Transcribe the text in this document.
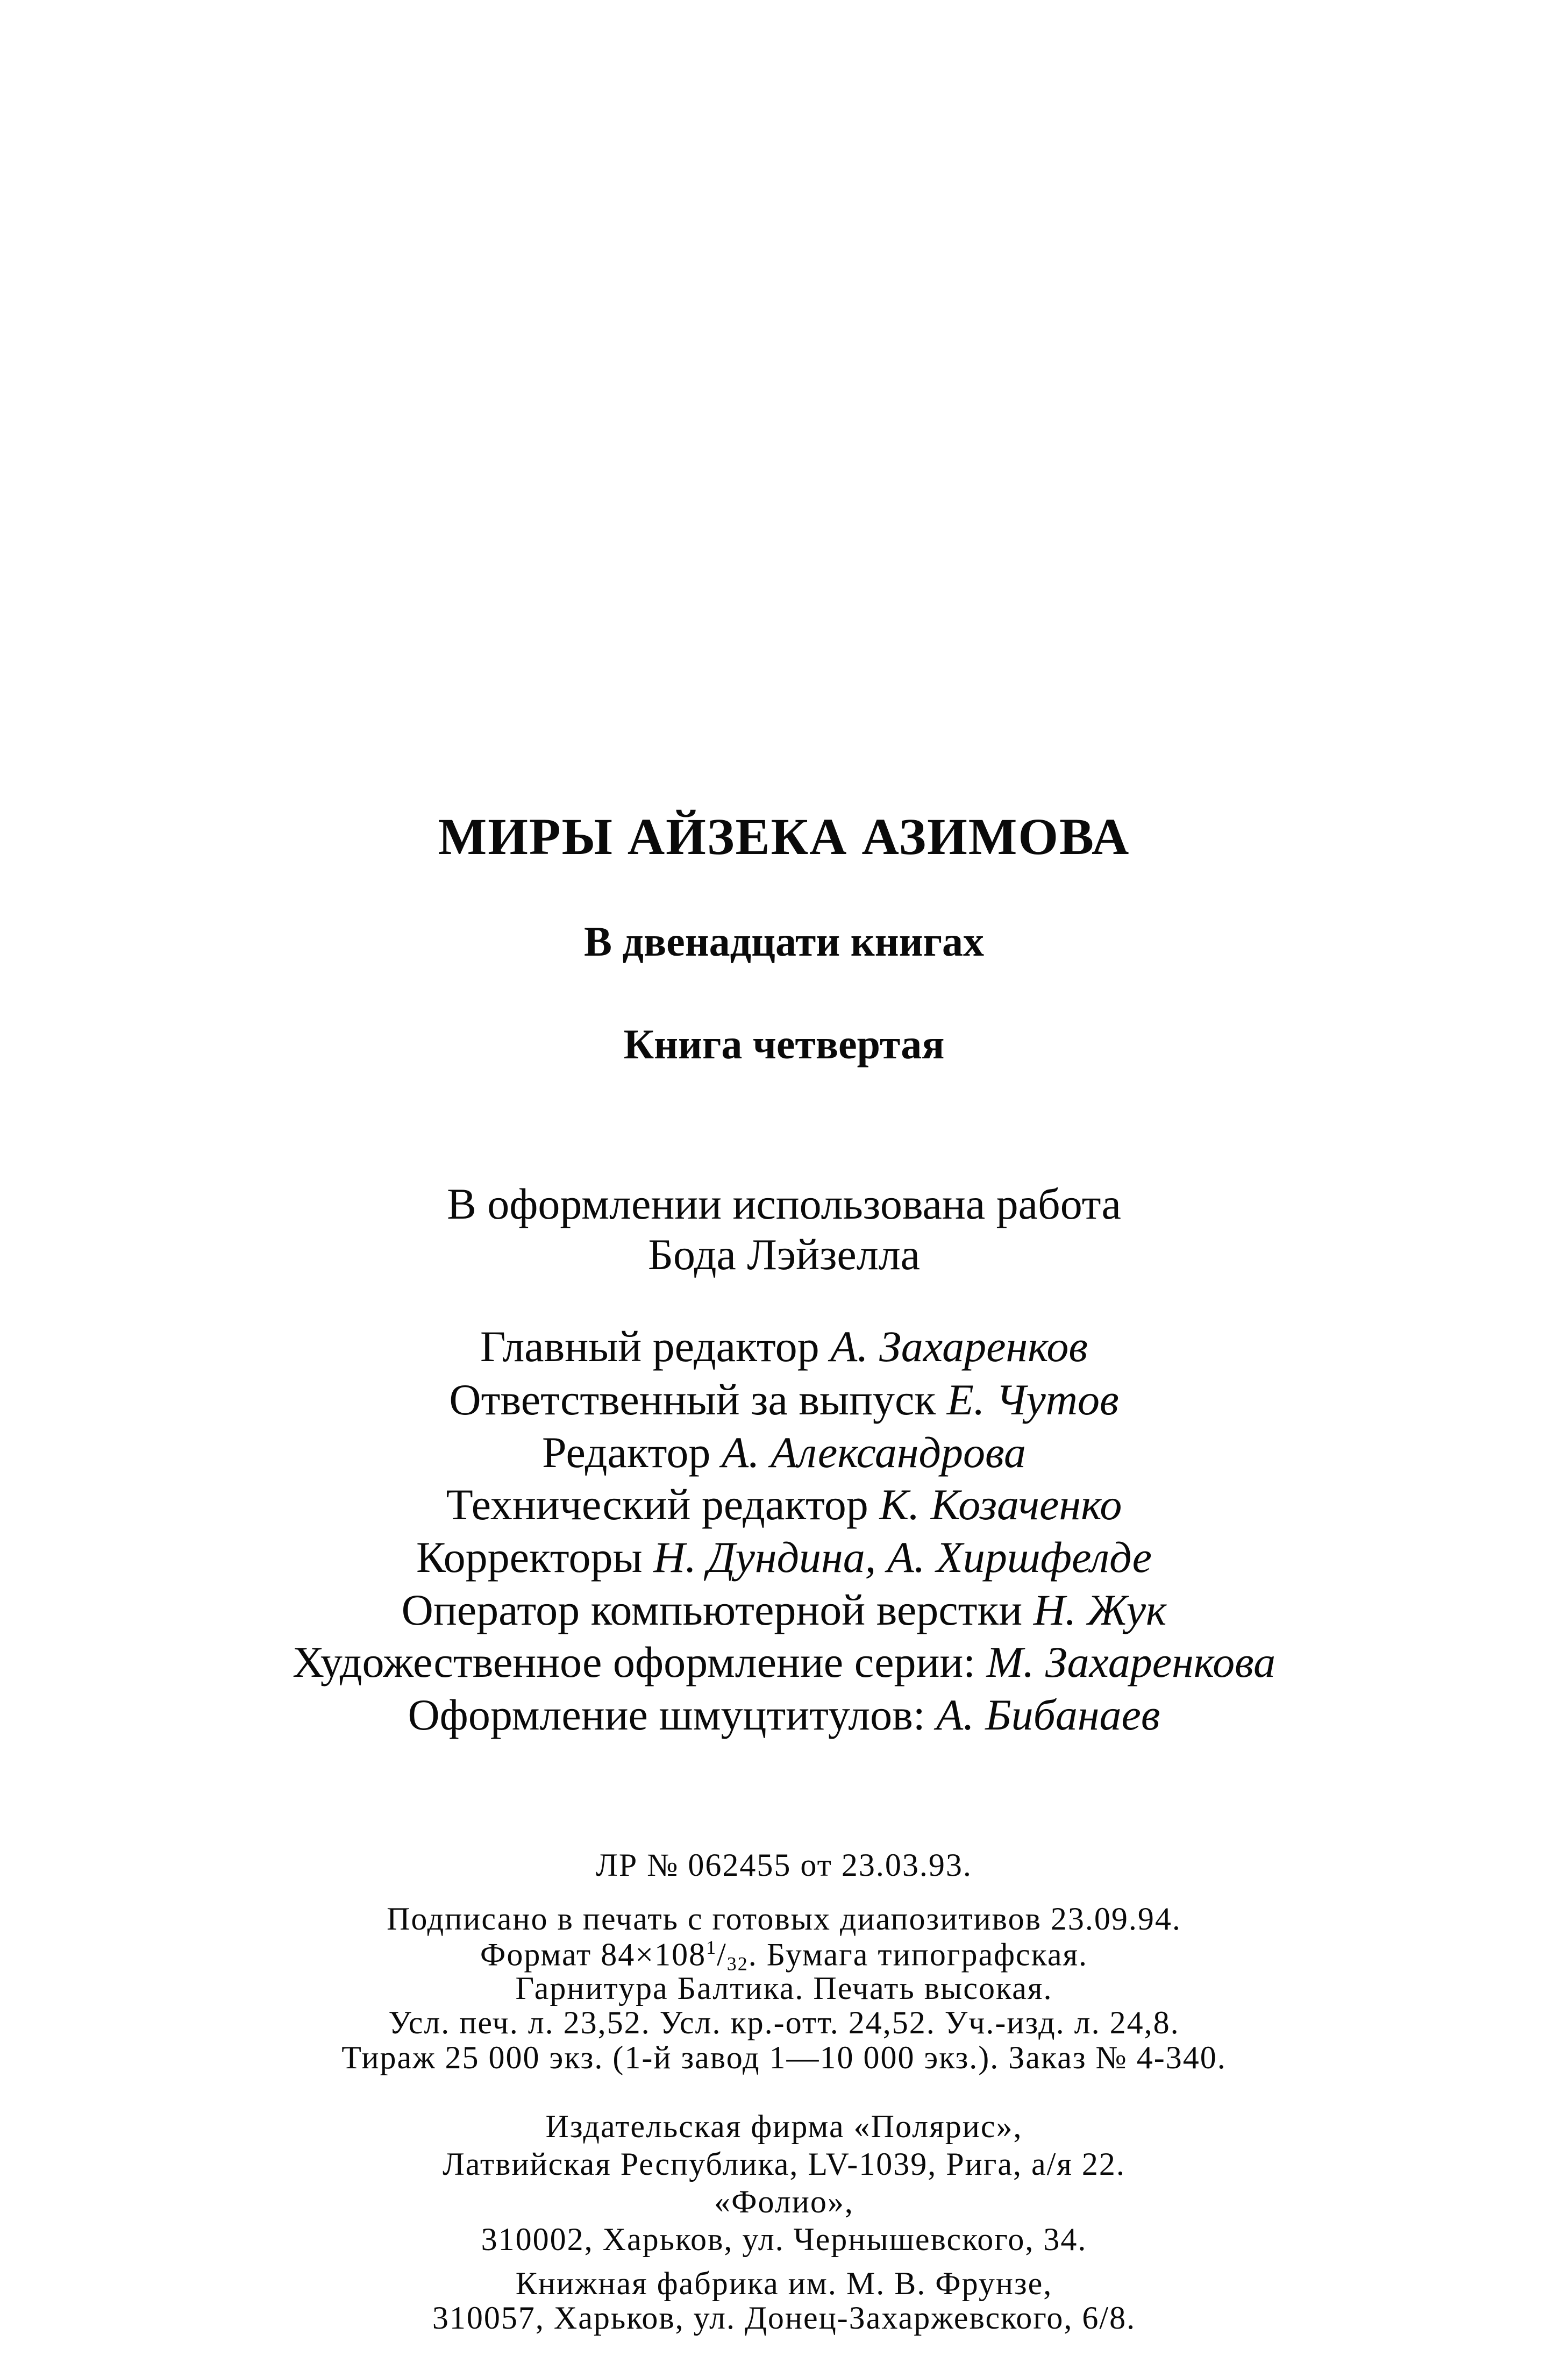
МИРЫ АЙЗЕКА АЗИМОВА
В двенадцати книгах
Книга четвертая
В оформлении использована работа
Бода Лэйзелла
Главный редактор А. Захаренков
Ответственный за выпуск Е. Чутов
Редактор А. Александрова
Технический редактор К. Козаченко
Корректоры Н. Дундина, А. Хиршфелде
Оператор компьютерной верстки Н. Жук
Художественное оформление серии: М. Захаренкова
Оформление шмуцтитулов: А. Бибанаев
ЛР № 062455 от 23.03.93.
Подписано в печать с готовых диапозитивов 23.09.94.
Формат $84\times 108^1/_{32}$. Бумага типографская.
Гарнитура Балтика. Печать высокая.
Усл. печ. л. 23,52. Усл. кр.-отт. 24,52. Уч.-изд. л. 24,8.
Тираж 25 000 экз. (1-й завод 1—10 000 экз.). Заказ № 4-340.
Издательская фирма «Полярис»,
Латвийская Республика, LV-1039, Рига, а/я 22.
«Фолио»,
310002, Харьков, ул. Чернышевского, 34.
Книжная фабрика им. М. В. Фрунзе,
310057, Харьков, ул. Донец-Захаржевского, 6/8.
